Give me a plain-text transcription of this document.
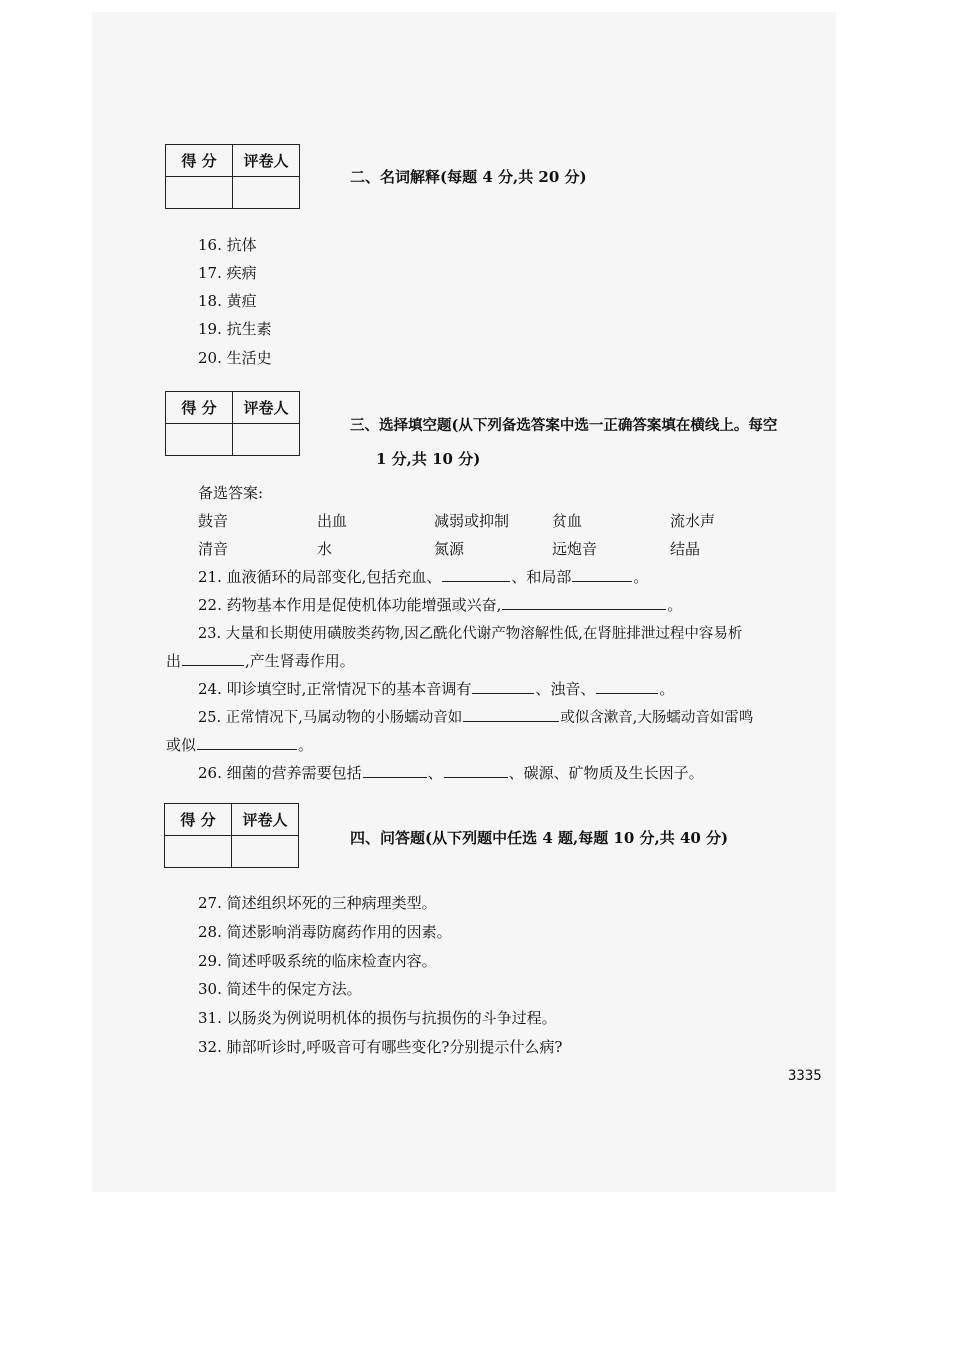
得 分	评卷人

二、名词解释(每题 4 分,共 20 分)
16. 抗体
17. 疾病
18. 黄疸
19. 抗生素
20. 生活史
得 分	评卷人

三、选择填空题(从下列备选答案中选一正确答案填在横线上。每空
1 分,共 10 分)
备选答案:
鼓音	出血	减弱或抑制	贫血	流水声
清音	水	氮源	远炮音	结晶
21. 血液循环的局部变化,包括充血、	、和局部	。
22. 药物基本作用是促使机体功能增强或兴奋,	。
23. 大量和长期使用磺胺类药物,因乙酰化代谢产物溶解性低,在肾脏排泄过程中容易析
出	,产生肾毒作用。
24. 叩诊填空时,正常情况下的基本音调有	、浊音、	。
25. 正常情况下,马属动物的小肠蠕动音如	或似含漱音,大肠蠕动音如雷鸣
或似	。
26. 细菌的营养需要包括	、	、碳源、矿物质及生长因子。
得 分	评卷人

四、问答题(从下列题中任选 4 题,每题 10 分,共 40 分)
27. 简述组织坏死的三种病理类型。
28. 简述影响消毒防腐药作用的因素。
29. 简述呼吸系统的临床检查内容。
30. 简述牛的保定方法。
31. 以肠炎为例说明机体的损伤与抗损伤的斗争过程。
32. 肺部听诊时,呼吸音可有哪些变化?分别提示什么病?
3335
